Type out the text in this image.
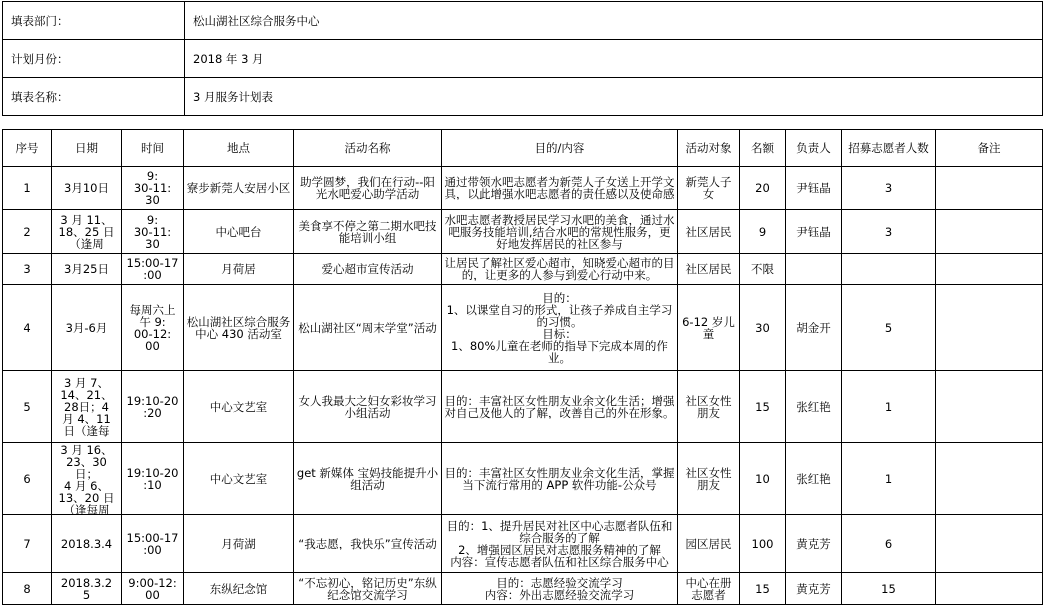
填表部门：	松山湖社区综合服务中心
计划月份：	2018 年 3 月
填表名称：	3 月服务计划表
序号	日期	时间	地点	活动名称	目的/内容	活动对象	名额	负责人	招募志愿者人数	备注

1	3月10日	9:
30-11:
30	寮步新莞人安居小区	助学圆梦，我们在行动--阳光水吧爱心助学活动	通过带领水吧志愿者为新莞人子女送上开学文具，以此增强水吧志愿者的责任感以及使命感	新莞人子女	20	尹钰晶	3	

2	3 月 11、
18、25 日
（逢周	9:
30-11:
30	中心吧台	美食享不停之第二期水吧技能培训小组	水吧志愿者教授居民学习水吧的美食，通过水吧服务技能培训,结合水吧的常规性服务，更好地发挥居民的社区参与	社区居民	9	尹钰晶	3	

3	3月25日	15:00-17
:00	月荷居	爱心超市宣传活动	让居民了解社区爱心超市，知晓爱心超市的目的，让更多的人参与到爱心行动中来。	社区居民	不限			

4	3月-6月	每周六上
午 9:
00-12:
00	松山湖社区综合服务中心 430 活动室	松山湖社区“周末学堂”活动	目的：
1、以课堂自习的形式，让孩子养成自主学习的习惯。
目标：
1、80%儿童在老师的指导下完成本周的作业。	6-12 岁儿童	30	胡金开	5	

5	3 月 7、
14、21、
28日；4
月 4、11
日（逢每	19:10-20
:20	中心文艺室	女人我最大之妇女彩妆学习小组活动	目的：丰富社区女性朋友业余文化生活；增强对自己及他人的了解，改善自己的外在形象。	社区女性朋友	15	张红艳	1	

6	3 月 16、
23、30 日；
4 月 6、
13、20 日
（逢每周	19:10-20
:10	中心文艺室	get 新媒体 宝妈技能提升小组活动	目的：丰富社区女性朋友业余文化生活，掌握当下流行常用的 APP 软件功能-公众号	社区女性朋友	10	张红艳	1	

7	2018.3.4	15:00-17
:00	月荷湖	“我志愿，我快乐”宣传活动	目的：1、提升居民对社区中心志愿者队伍和综合服务的了解
2、增强园区居民对志愿服务精神的了解
内容：宣传志愿者队伍和社区综合服务中心	园区居民	100	黄克芳	6	

8	2018.3.2
5	9:00-12:
00	东纵纪念馆	“不忘初心，铭记历史”东纵纪念馆交流学习	目的：志愿经验交流学习
内容：外出志愿经验交流学习	中心在册志愿者	15	黄克芳	15	
